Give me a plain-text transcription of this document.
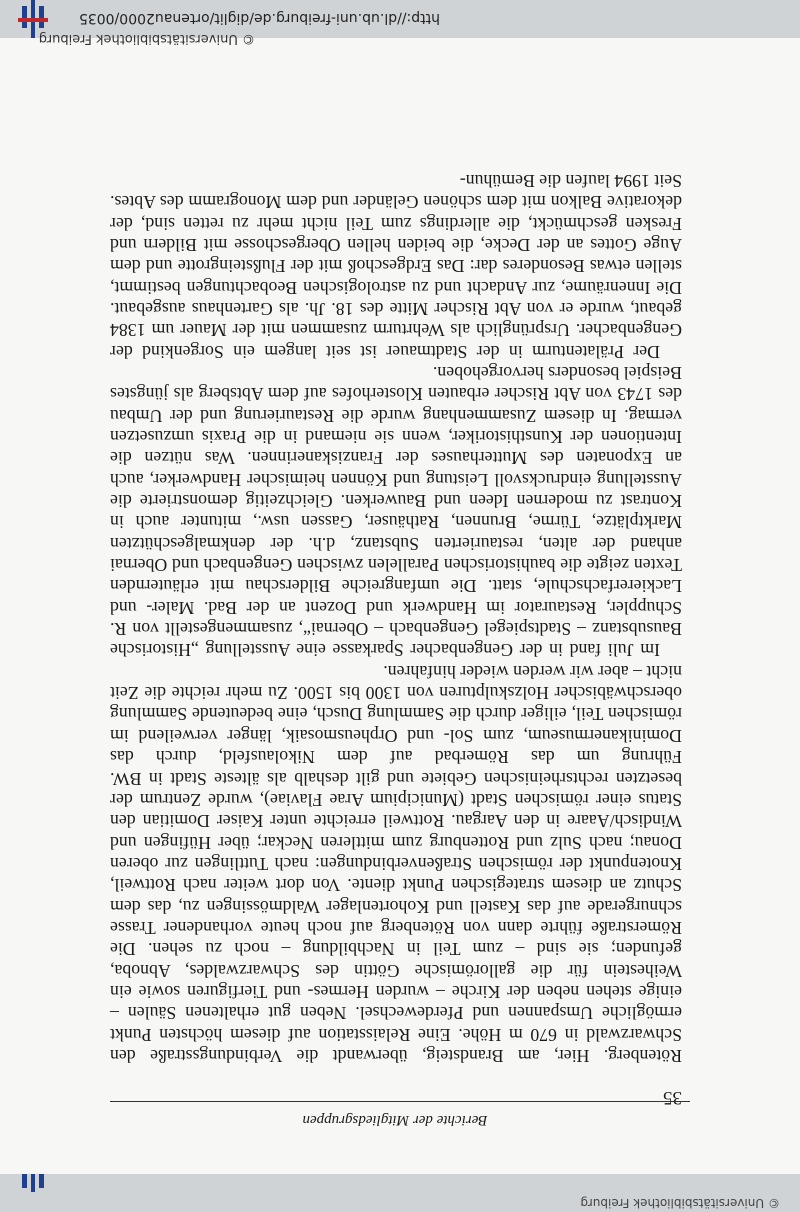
© Universitätsbibliothek Freiburg
Berichte der Mitgliedsgruppen
35

Rötenberg. Hier, am Brandsteig, überwandt die Verbindungsstraße den Schwarzwald in 670 m Höhe. Eine Relaisstation auf diesem höchsten Punkt ermögliche Umspannen und Pferdewechsel. Neben gut erhaltenen Säulen – einige stehen neben der Kirche – wurden Hermes- und Tierfiguren sowie ein Weihestein für die gallorömische Göttin des Schwarzwaldes, Abnoba, gefunden; sie sind – zum Teil in Nachbildung – noch zu sehen. Die Römerstraße führte dann von Rötenberg auf noch heute vorhandener Trasse schnurgerade auf das Kastell und Kohortenlager Waldmössingen zu, das dem Schutz an diesem strategischen Punkt diente. Von dort weiter nach Rottweil, Knotenpunkt der römischen Straßenverbindungen: nach Tuttlingen zur oberen Donau; nach Sulz und Rottenburg zum mittleren Neckar; über Hüfingen und Windisch/Aaare in den Aargau. Rottweil erreichte unter Kaiser Domitian den Status einer römischen Stadt (Municipium Arae Flaviae), wurde Zentrum der besetzten rechtsrheinischen Gebiete und gilt deshalb als älteste Stadt in BW. Führung um das Römerbad auf dem Nikolausfeld, durch das Dominikanermuseum, zum Sol- und Orpheusmosaik, länger verweilend im römischen Teil, eiliger durch die Sammlung Dusch, eine bedeutende Sammlung oberschwäbischer Holzskulpturen von 1300 bis 1500. Zu mehr reichte die Zeit nicht – aber wir werden wieder hinfahren.

Im Juli fand in der Gengenbacher Sparkasse eine Ausstellung „Historische Bausubstanz – Stadtspiegel Gengenbach – Obernai“, zusammengestellt von R. Schuppler, Restaurator im Handwerk und Dozent an der Bad. Maler- und Lackiererfachschule, statt. Die umfangreiche Bilderschau mit erläuternden Texten zeigte die bauhistorischen Parallelen zwischen Gengenbach und Obernai anhand der alten, restaurierten Substanz, d.h. der denkmalgeschützten Marktplätze, Türme, Brunnen, Rathäuser, Gassen usw., mitunter auch in Kontrast zu modernen Ideen und Bauwerken. Gleichzeitig demonstrierte die Ausstellung eindrucksvoll Leistung und Können heimischer Handwerker, auch an Exponaten des Mutterhauses der Franziskanerinnen. Was nützen die Intentionen der Kunsthistoriker, wenn sie niemand in die Praxis umzusetzen vermag. In diesem Zusammenhang wurde die Restaurierung und der Umbau des 1743 von Abt Rischer erbauten Klosterhofes auf dem Abtsberg als jüngstes Beispiel besonders hervorgehoben.

Der Prälatenturm in der Stadtmauer ist seit langem ein Sorgenkind der Gengenbacher. Ursprünglich als Wehrturm zusammen mit der Mauer um 1384 gebaut, wurde er von Abt Rischer Mitte des 18. Jh. als Gartenhaus ausgebaut. Die Innenräume, zur Andacht und zu astrologischen Beobachtungen bestimmt, stellen etwas Besonderes dar: Das Erdgeschoß mit der Flußsteingrotte und dem Auge Gottes an der Decke, die beiden hellen Obergeschosse mit Bildern und Fresken geschmückt, die allerdings zum Teil nicht mehr zu retten sind, der dekorative Balkon mit dem schönen Geländer und dem Monogramm des Abtes. Seit 1994 laufen die Bemühun-

http://dl.ub.uni-freiburg.de/diglit/ortenau2000/0035
© Universitätsbibliothek Freiburg
